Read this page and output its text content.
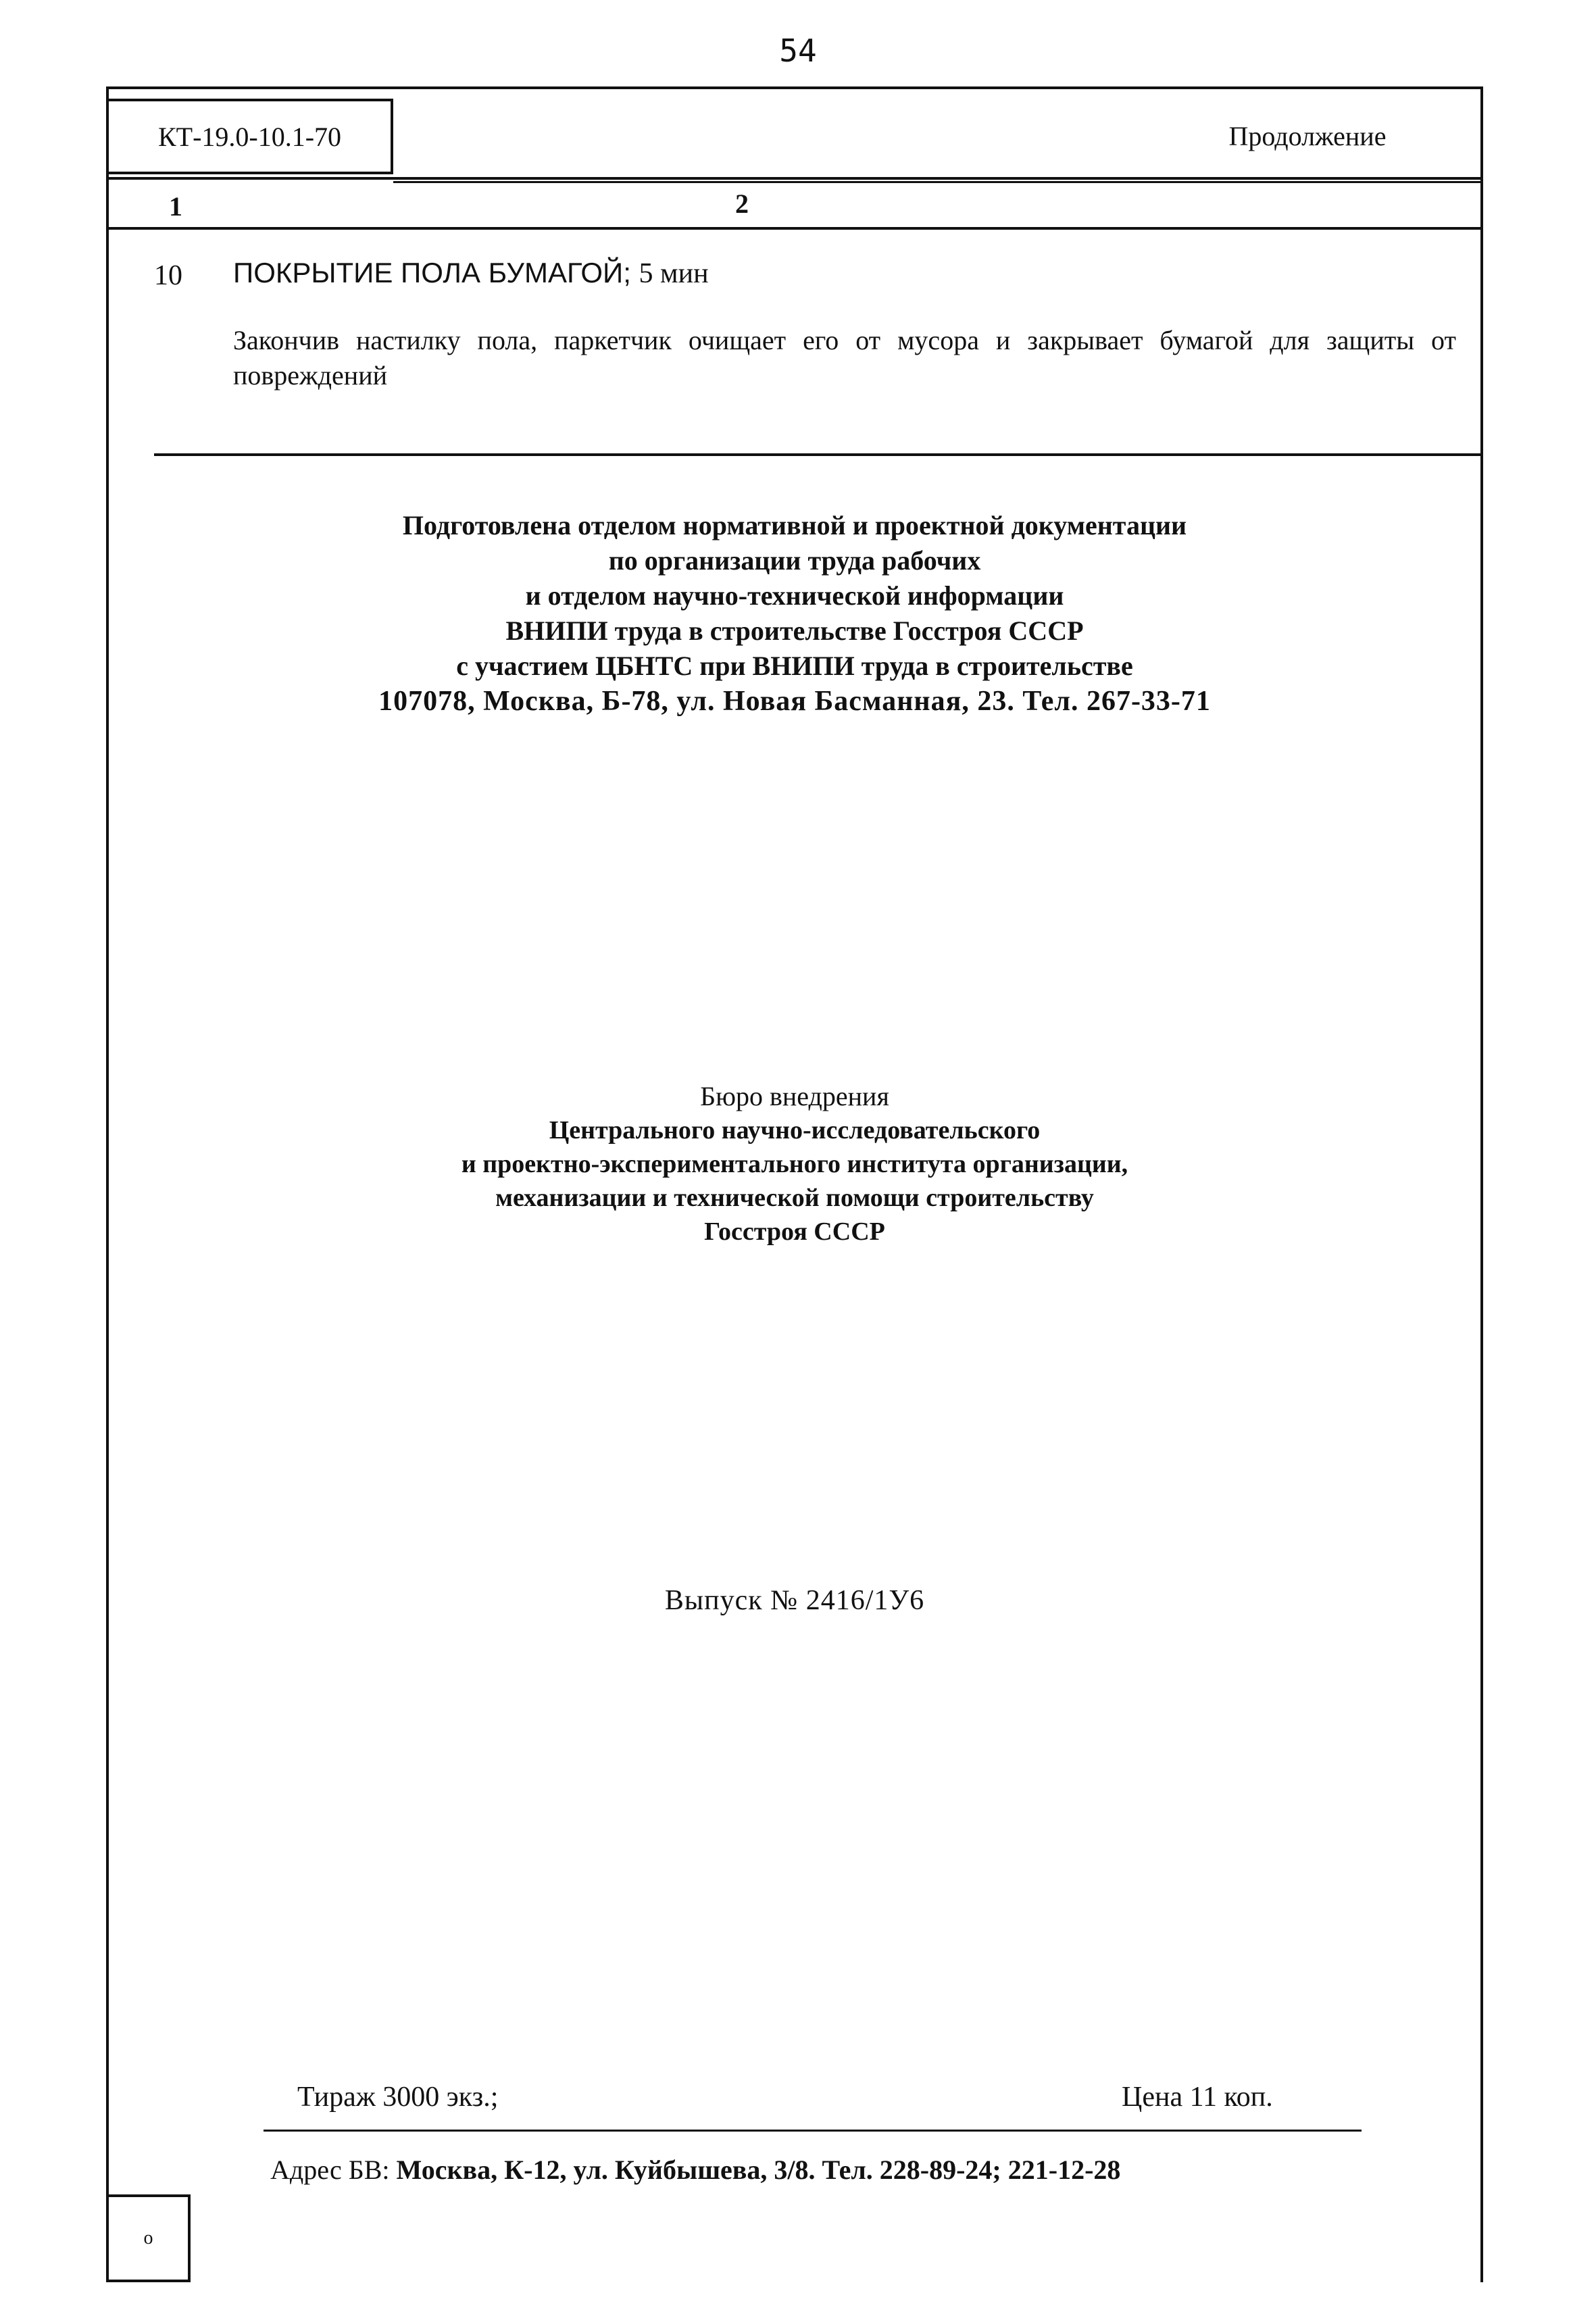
54
КТ-19.0-10.1-70	Продолжение
1	2
10 ПОКРЫТИЕ ПОЛА БУМАГОЙ; 5 мин
Закончив настилку пола, паркетчик очищает его от мусора и закрывает бумагой для защиты от повреждений
Подготовлена отделом нормативной и проектной документации
по организации труда рабочих
и отделом научно-технической информации
ВНИПИ труда в строительстве Госстроя СССР
с участием ЦБНТС при ВНИПИ труда в строительстве
107078, Москва, Б-78, ул. Новая Басманная, 23. Тел. 267-33-71
Бюро внедрения
Центрального научно-исследовательского
и проектно-экспериментального института организации,
механизации и технической помощи строительству
Госстроя СССР
Выпуск № 2416/1У6
Тираж 3000 экз.;	Цена 11 коп.
Адрес БВ: Москва, К-12, ул. Куйбышева, 3/8. Тел. 228-89-24; 221-12-28
о
